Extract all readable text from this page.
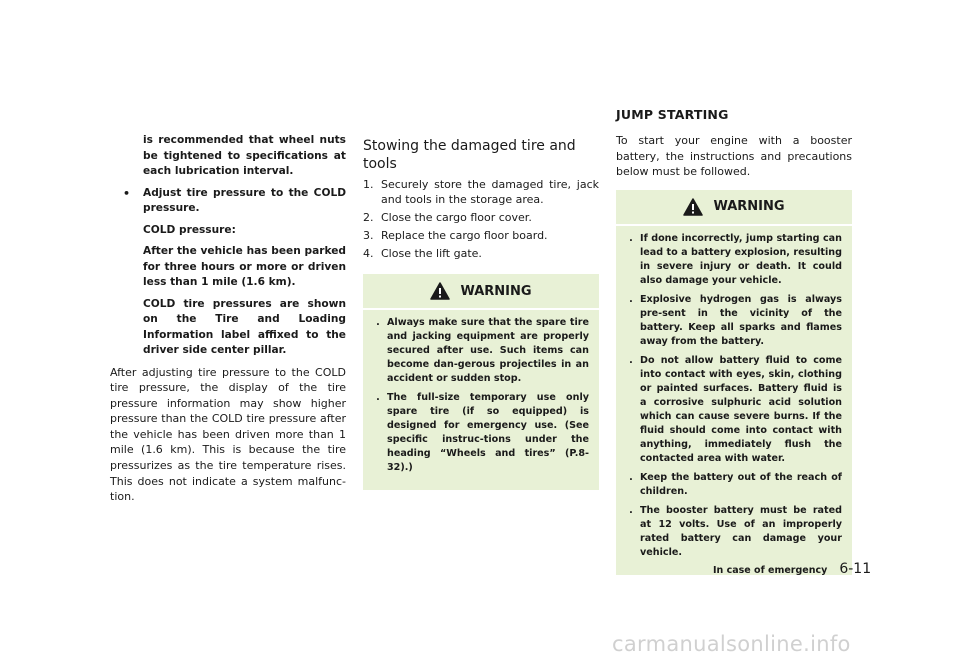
is recommended that wheel nuts be tightened to specifications at each lubrication interval.
•	Adjust tire pressure to the COLD pressure.
COLD pressure:
After the vehicle has been parked for three hours or more or driven less than 1 mile (1.6 km).
COLD tire pressures are shown on the Tire and Loading Information label affixed to the driver side center pillar.
After adjusting tire pressure to the COLD tire pressure, the display of the tire pressure information may show higher pressure than the COLD tire pressure after the vehicle has been driven more than 1 mile (1.6 km). This is because the tire pressurizes as the tire temperature rises. This does not indicate a system malfunc-tion.
Stowing the damaged tire and tools
1. Securely store the damaged tire, jack and tools in the storage area.
2. Close the cargo floor cover.
3. Replace the cargo floor board.
4. Close the lift gate.
WARNING
. Always make sure that the spare tire and jacking equipment are properly secured after use. Such items can become dan-gerous projectiles in an accident or sudden stop.
. The full-size temporary use only spare tire (if so equipped) is designed for emergency use. (See specific instruc-tions under the heading “Wheels and tires” (P.8-32).)
JUMP STARTING
To start your engine with a booster battery, the instructions and precautions below must be followed.
WARNING
. If done incorrectly, jump starting can lead to a battery explosion, resulting in severe injury or death. It could also damage your vehicle.
. Explosive hydrogen gas is always pre-sent in the vicinity of the battery. Keep all sparks and flames away from the battery.
. Do not allow battery fluid to come into contact with eyes, skin, clothing or painted surfaces. Battery fluid is a corrosive sulphuric acid solution which can cause severe burns. If the fluid should come into contact with anything, immediately flush the contacted area with water.
. Keep the battery out of the reach of children.
. The booster battery must be rated at 12 volts. Use of an improperly rated battery can damage your vehicle.
In case of emergency 6-11
carmanualsonline.info
